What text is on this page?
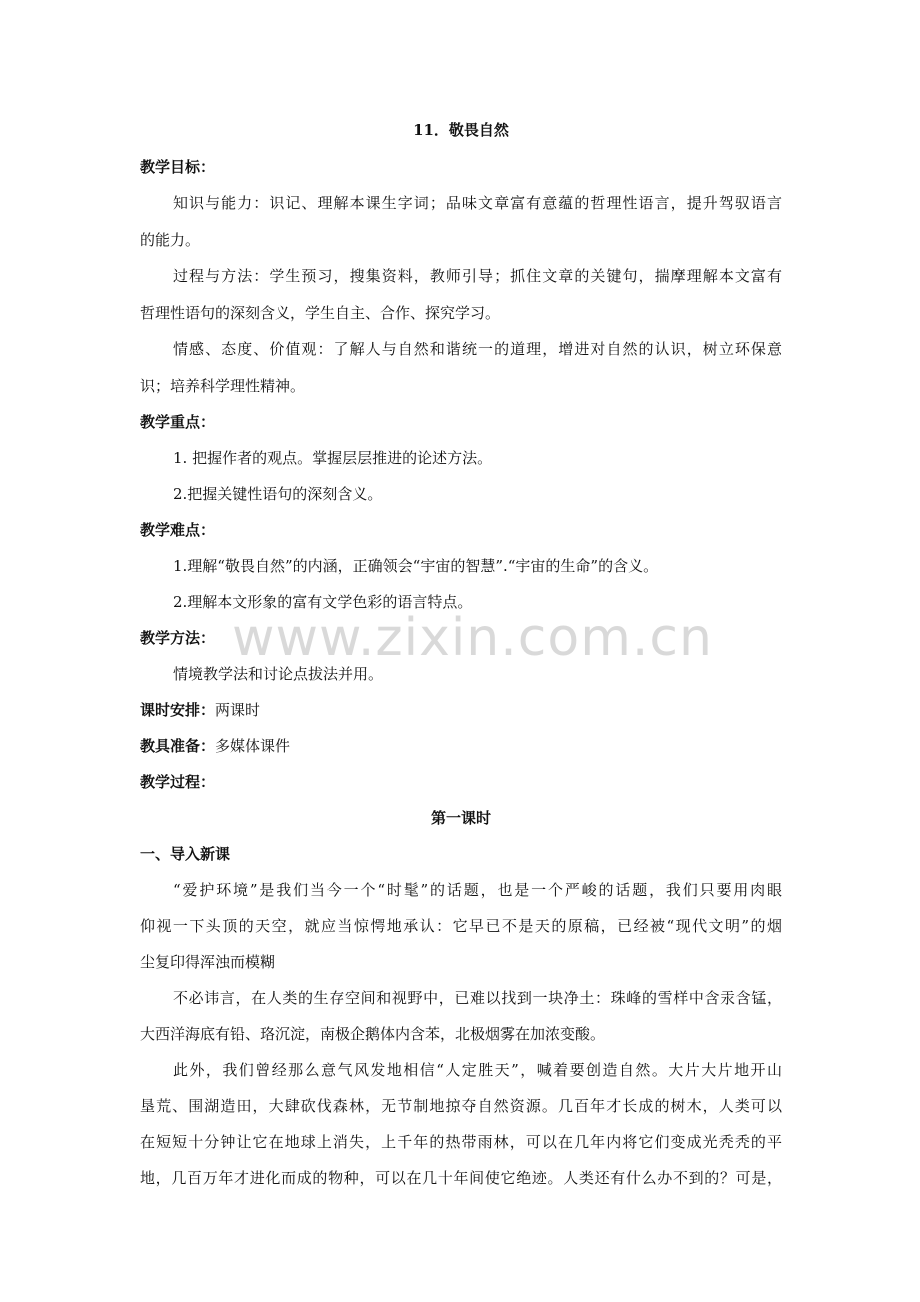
www.zixin.com.cn
11．敬畏自然
教学目标：
知识与能力：识记、理解本课生字词；品味文章富有意蕴的哲理性语言，提升驾驭语言
的能力。
过程与方法：学生预习，搜集资料，教师引导；抓住文章的关键句，揣摩理解本文富有
哲理性语句的深刻含义，学生自主、合作、探究学习。
情感、态度、价值观：了解人与自然和谐统一的道理，增进对自然的认识，树立环保意
识；培养科学理性精神。
教学重点：
1. 把握作者的观点。掌握层层推进的论述方法。
2.把握关键性语句的深刻含义。
教学难点：
1.理解“敬畏自然”的内涵，正确领会“宇宙的智慧”.“宇宙的生命”的含义。
2.理解本文形象的富有文学色彩的语言特点。
教学方法：
情境教学法和讨论点拔法并用。
课时安排：两课时
教具准备：多媒体课件
教学过程：
第一课时
一、导入新课
“爱护环境”是我们当今一个“时髦”的话题，也是一个严峻的话题，我们只要用肉眼
仰视一下头顶的天空，就应当惊愕地承认：它早已不是天的原稿，已经被“现代文明”的烟
尘复印得浑浊而模糊
不必讳言，在人类的生存空间和视野中，已难以找到一块净土：珠峰的雪样中含汞含锰，
大西洋海底有铅、珞沉淀，南极企鹅体内含苯，北极烟雾在加浓变酸。
此外，我们曾经那么意气风发地相信“人定胜天”，喊着要创造自然。大片大片地开山
垦荒、围湖造田，大肆砍伐森林，无节制地掠夺自然资源。几百年才长成的树木，人类可以
在短短十分钟让它在地球上消失，上千年的热带雨林，可以在几年内将它们变成光秃秃的平
地，几百万年才进化而成的物种，可以在几十年间使它绝迹。人类还有什么办不到的？可是，
